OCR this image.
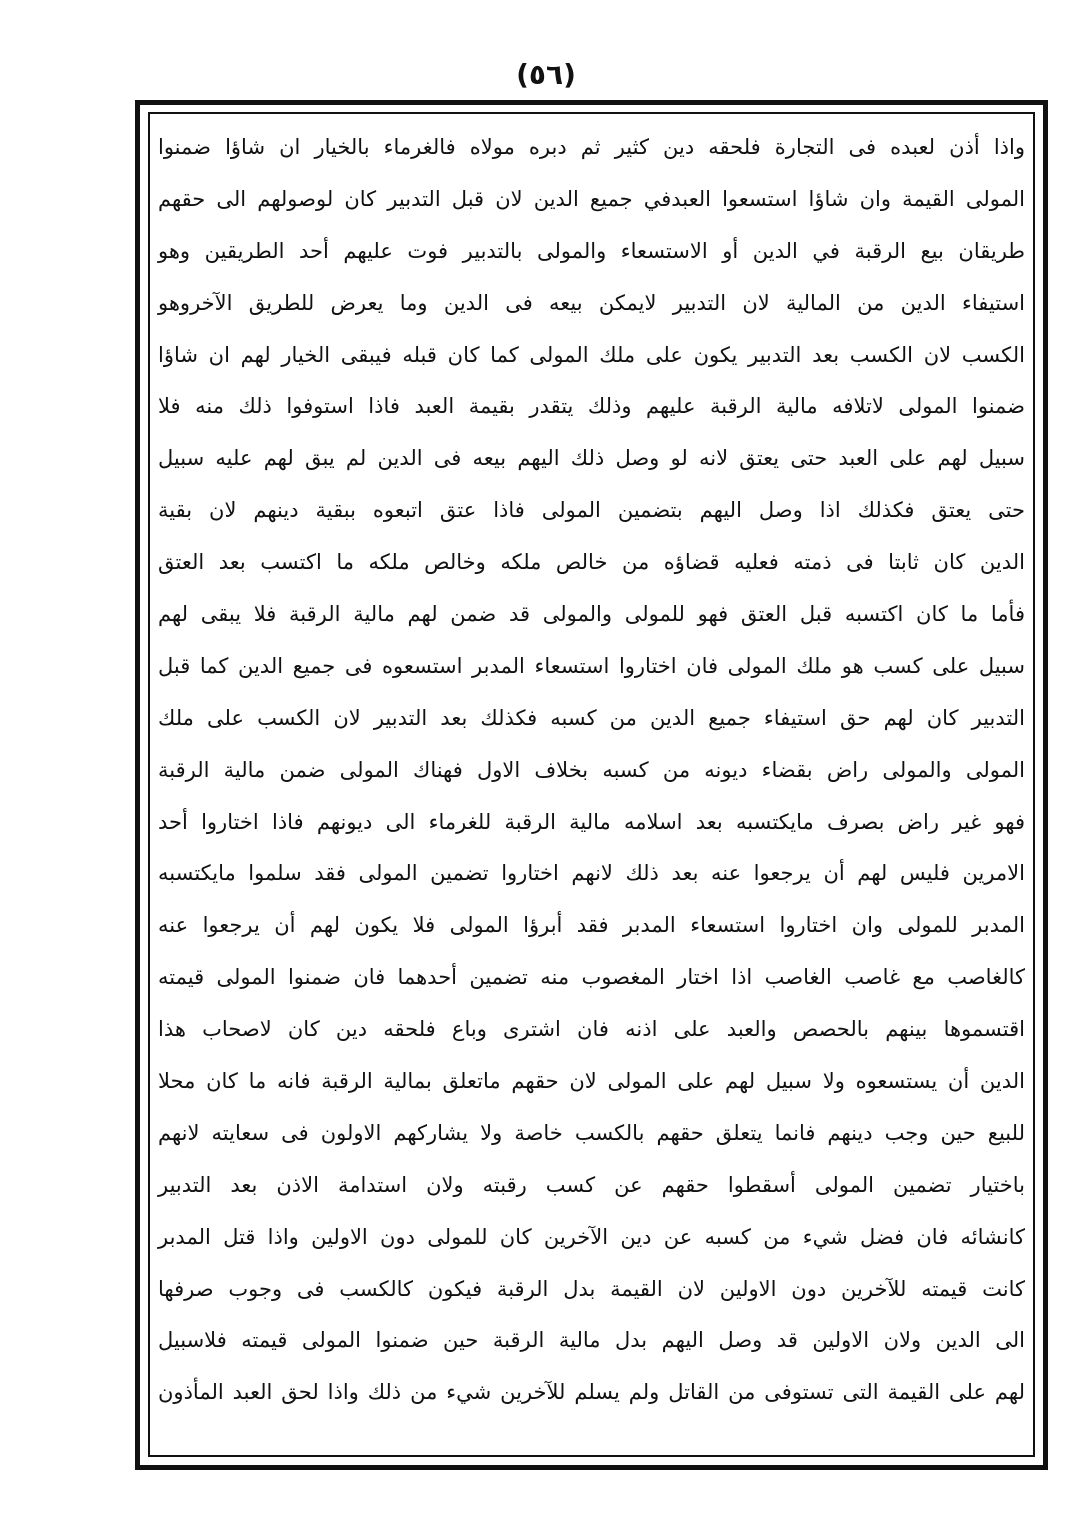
(٥٦)
واذا أذن لعبده فى التجارة فلحقه دين كثير ثم دبره مولاه فالغرماء بالخيار ان شاؤا ضمنوا
المولى القيمة وان شاؤا استسعوا العبدفي جميع الدين لان قبل التدبير كان لوصولهم الى حقهم
طريقان بيع الرقبة في الدين أو الاستسعاء والمولى بالتدبير فوت عليهم أحد الطريقين وهو
استيفاء الدين من المالية لان التدبير لايمكن بيعه فى الدين وما يعرض للطريق الآخروهو
الكسب لان الكسب بعد التدبير يكون على ملك المولى كما كان قبله فيبقى الخيار لهم ان شاؤا
ضمنوا المولى لاتلافه مالية الرقبة عليهم وذلك يتقدر بقيمة العبد فاذا استوفوا ذلك منه فلا
سبيل لهم على العبد حتى يعتق لانه لو وصل ذلك اليهم بيعه فى الدين لم يبق لهم عليه سبيل
حتى يعتق فكذلك اذا وصل اليهم بتضمين المولى فاذا عتق اتبعوه ببقية دينهم لان بقية
الدين كان ثابتا فى ذمته فعليه قضاؤه من خالص ملكه وخالص ملكه ما اكتسب بعد العتق
فأما ما كان اكتسبه قبل العتق فهو للمولى والمولى قد ضمن لهم مالية الرقبة فلا يبقى لهم
سبيل على كسب هو ملك المولى فان اختاروا استسعاء المدبر استسعوه فى جميع الدين كما قبل
التدبير كان لهم حق استيفاء جميع الدين من كسبه فكذلك بعد التدبير لان الكسب على ملك
المولى والمولى راض بقضاء ديونه من كسبه بخلاف الاول فهناك المولى ضمن مالية الرقبة
فهو غير راض بصرف مايكتسبه بعد اسلامه مالية الرقبة للغرماء الى ديونهم فاذا اختاروا أحد
الامرين فليس لهم أن يرجعوا عنه بعد ذلك لانهم اختاروا تضمين المولى فقد سلموا مايكتسبه
المدبر للمولى وان اختاروا استسعاء المدبر فقد أبرؤا المولى فلا يكون لهم أن يرجعوا عنه
كالغاصب مع غاصب الغاصب اذا اختار المغصوب منه تضمين أحدهما فان ضمنوا المولى قيمته
اقتسموها بينهم بالحصص والعبد على اذنه فان اشترى وباع فلحقه دين كان لاصحاب هذا
الدين أن يستسعوه ولا سبيل لهم على المولى لان حقهم ماتعلق بمالية الرقبة فانه ما كان محلا
للبيع حين وجب دينهم فانما يتعلق حقهم بالكسب خاصة ولا يشاركهم الاولون فى سعايته لانهم
باختيار تضمين المولى أسقطوا حقهم عن كسب رقبته ولان استدامة الاذن بعد التدبير
كانشائه فان فضل شيء من كسبه عن دين الآخرين كان للمولى دون الاولين واذا قتل المدبر
كانت قيمته للآخرين دون الاولين لان القيمة بدل الرقبة فيكون كالكسب فى وجوب صرفها
الى الدين ولان الاولين قد وصل اليهم بدل مالية الرقبة حين ضمنوا المولى قيمته فلاسبيل
لهم على القيمة التى تستوفى من القاتل ولم يسلم للآخرين شيء من ذلك واذا لحق العبد المأذون
